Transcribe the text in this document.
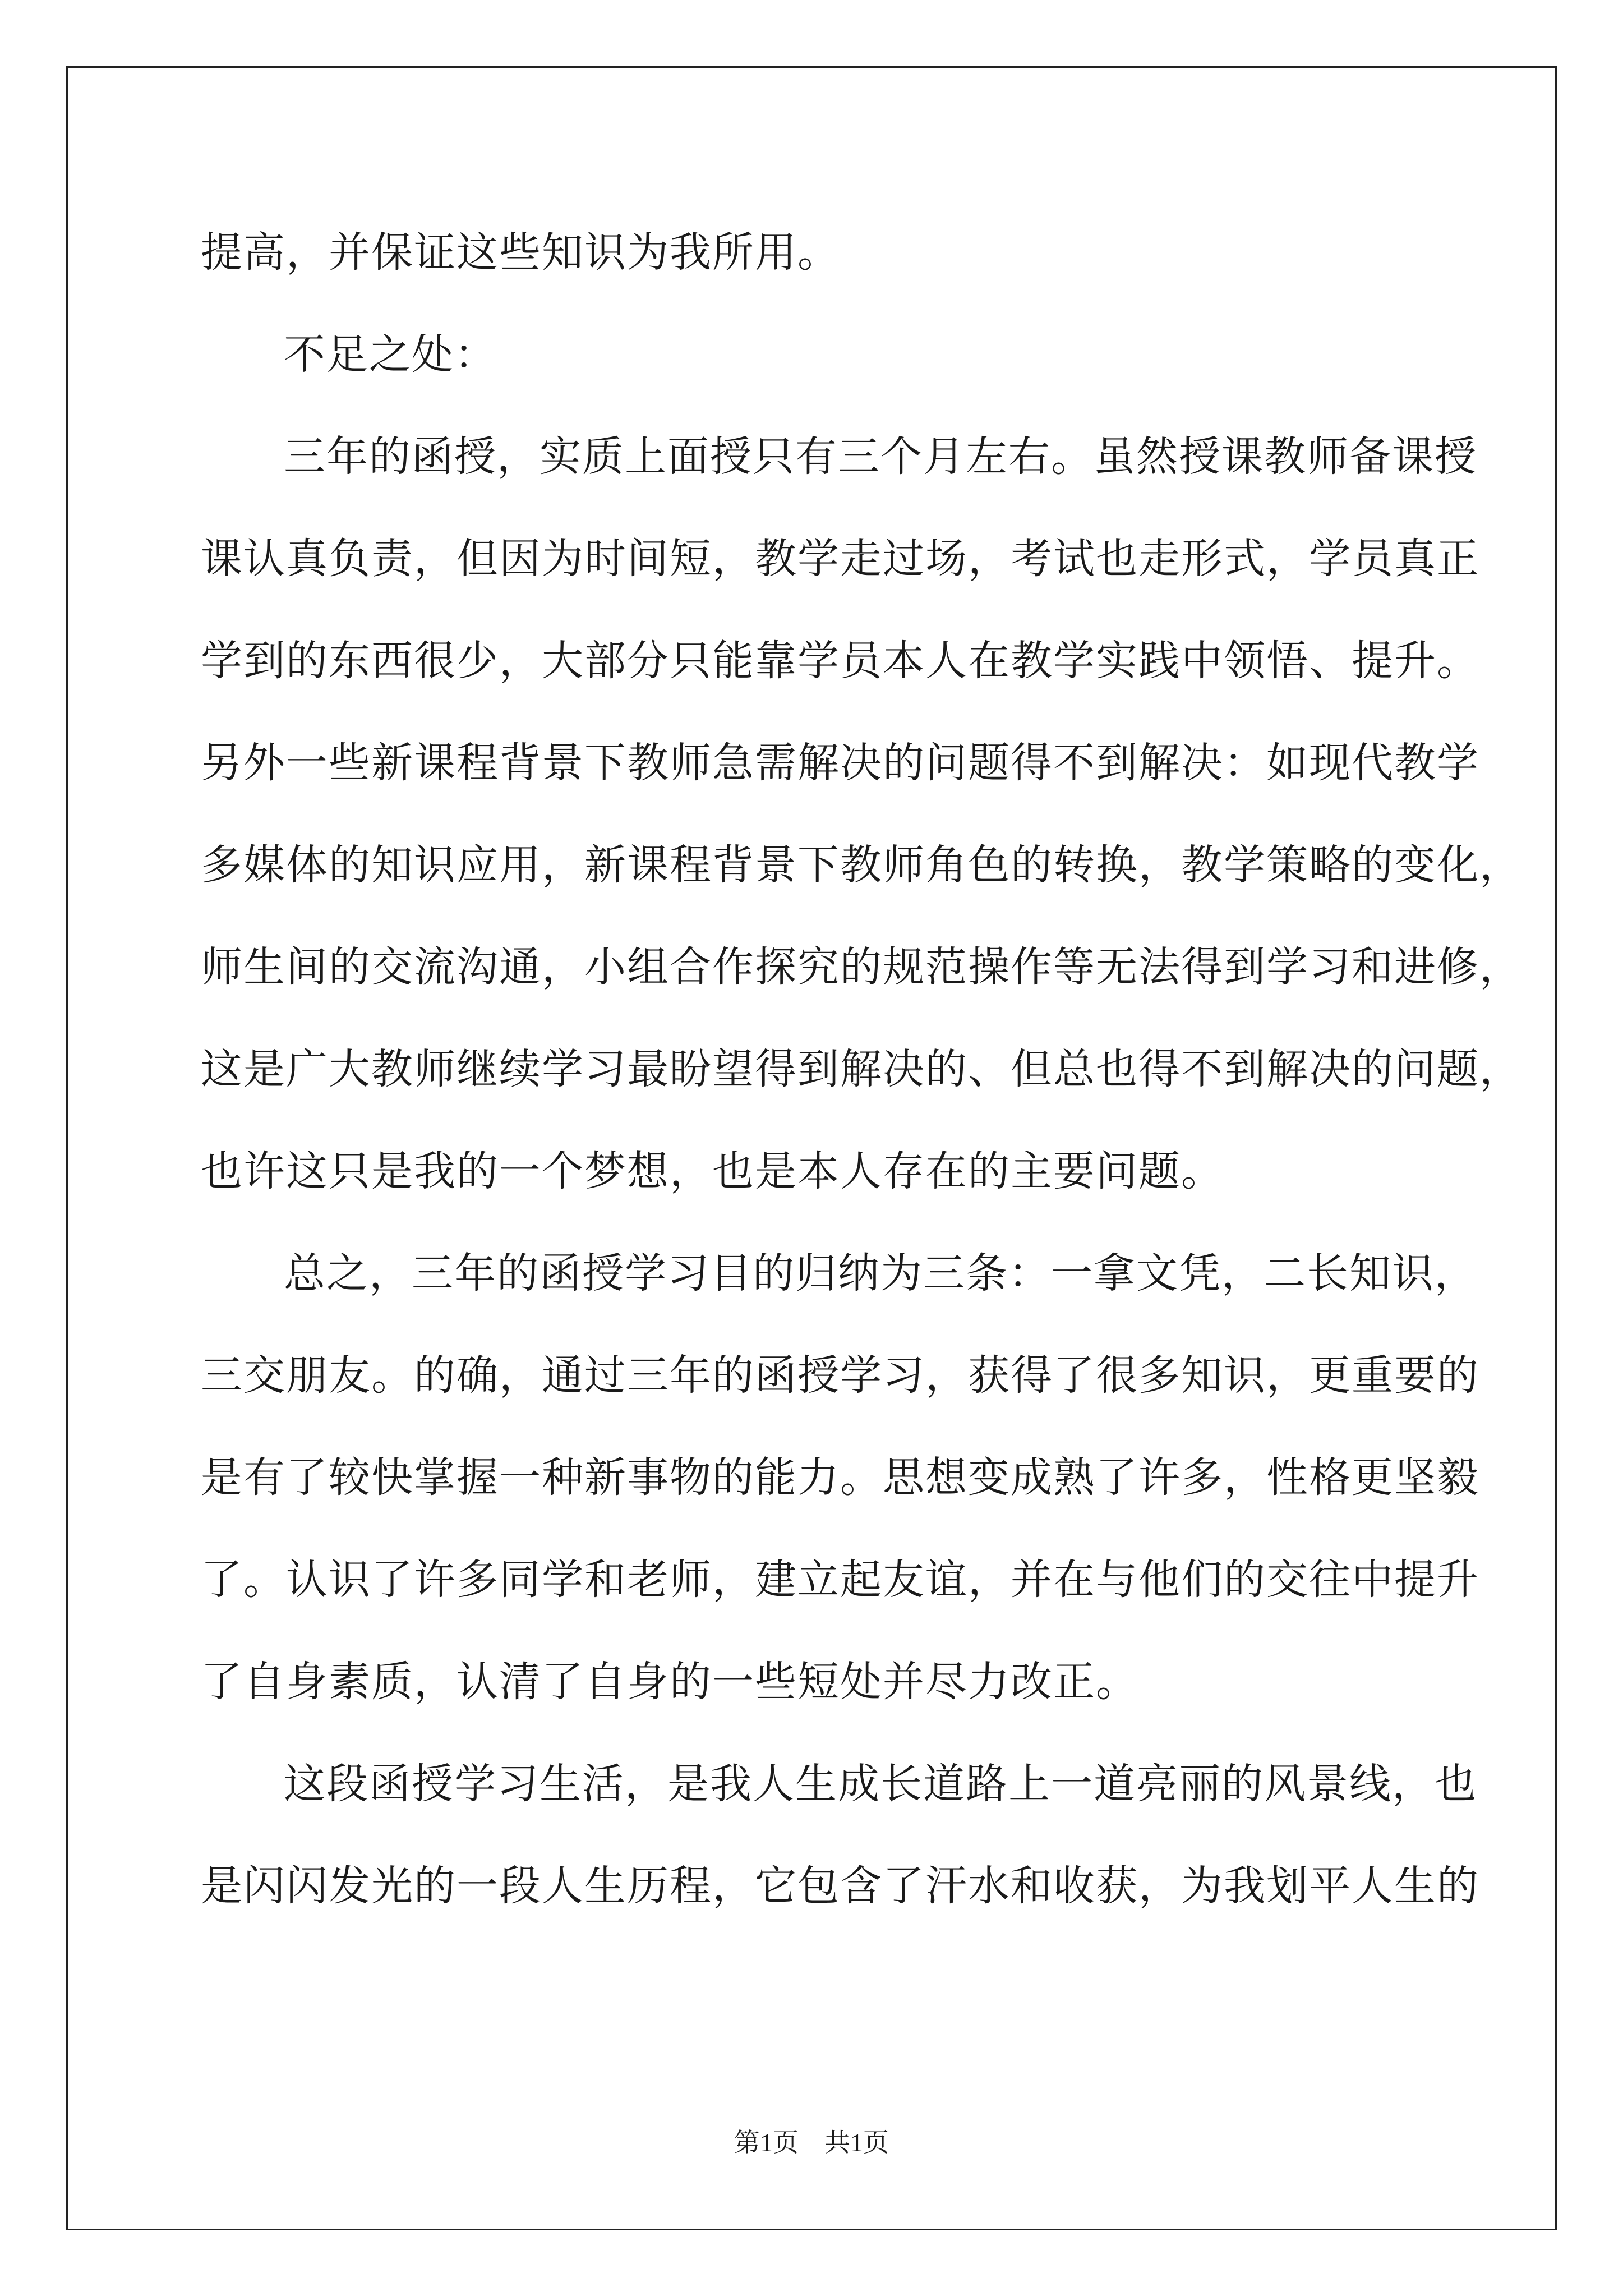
提高，并保证这些知识为我所用。
不足之处：
三年的函授，实质上面授只有三个月左右。虽然授课教师备课授
课认真负责，但因为时间短，教学走过场，考试也走形式，学员真正
学到的东西很少，大部分只能靠学员本人在教学实践中领悟、提升。
另外一些新课程背景下教师急需解决的问题得不到解决：如现代教学
多媒体的知识应用，新课程背景下教师角色的转换，教学策略的变化，
师生间的交流沟通，小组合作探究的规范操作等无法得到学习和进修，
这是广大教师继续学习最盼望得到解决的、但总也得不到解决的问题，
也许这只是我的一个梦想，也是本人存在的主要问题。
总之，三年的函授学习目的归纳为三条：一拿文凭，二长知识，
三交朋友。的确，通过三年的函授学习，获得了很多知识，更重要的
是有了较快掌握一种新事物的能力。思想变成熟了许多，性格更坚毅
了。认识了许多同学和老师，建立起友谊，并在与他们的交往中提升
了自身素质，认清了自身的一些短处并尽力改正。
这段函授学习生活，是我人生成长道路上一道亮丽的风景线，也
是闪闪发光的一段人生历程，它包含了汗水和收获，为我划平人生的
第1页　共1页
